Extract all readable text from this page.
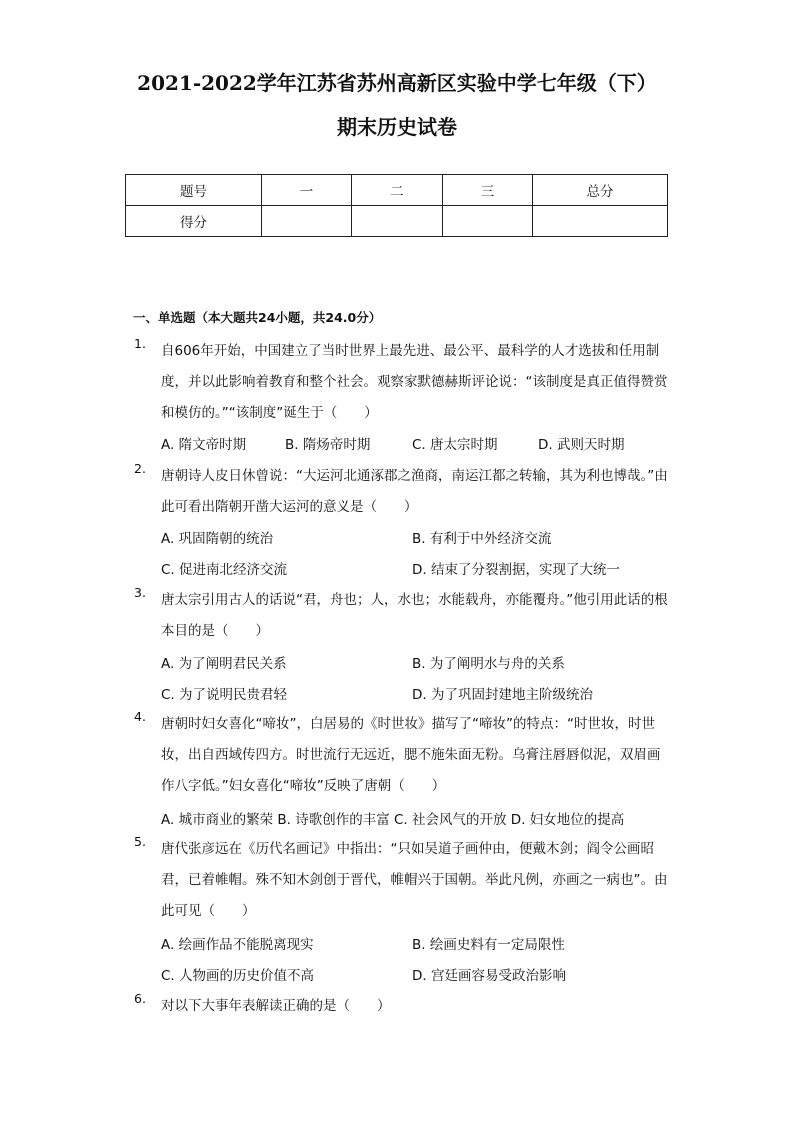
2021-2022学年江苏省苏州高新区实验中学七年级（下）
期末历史试卷
题号	一	二	三	总分
得分				
一、单选题（本大题共24小题，共24.0分）
1.	自606年开始，中国建立了当时世界上最先进、最公平、最科学的人才选拔和任用制度，并以此影响着教育和整个社会。观察家默德赫斯评论说：“该制度是真正值得赞赏和模仿的。”“该制度”诞生于（　　）
A. 隋文帝时期	B. 隋炀帝时期	C. 唐太宗时期	D. 武则天时期
2.	唐朝诗人皮日休曾说：“大运河北通涿郡之渔商，南运江都之转输，其为利也博哉。”由此可看出隋朝开凿大运河的意义是（　　）
A. 巩固隋朝的统治	B. 有利于中外经济交流
C. 促进南北经济交流	D. 结束了分裂割据，实现了大统一
3.	唐太宗引用古人的话说“君，舟也；人，水也；水能载舟，亦能覆舟。”他引用此话的根本目的是（　　）
A. 为了阐明君民关系	B. 为了阐明水与舟的关系
C. 为了说明民贵君轻	D. 为了巩固封建地主阶级统治
4.	唐朝时妇女喜化“啼妆”，白居易的《时世妆》描写了“啼妆”的特点：“时世妆，时世妆，出自西域传四方。时世流行无远近，腮不施朱面无粉。乌膏注唇唇似泥，双眉画作八字低。”妇女喜化“啼妆”反映了唐朝（　　）
A. 城市商业的繁荣 B. 诗歌创作的丰富 C. 社会风气的开放 D. 妇女地位的提高
5.	唐代张彦远在《历代名画记》中指出：“只如吴道子画仲由，便戴木剑；阎令公画昭君，已着帷帽。殊不知木剑创于晋代，帷帽兴于国朝。举此凡例，亦画之一病也”。由此可见（　　）
A. 绘画作品不能脱离现实	B. 绘画史料有一定局限性
C. 人物画的历史价值不高	D. 宫廷画容易受政治影响
6.	对以下大事年表解读正确的是（　　）
